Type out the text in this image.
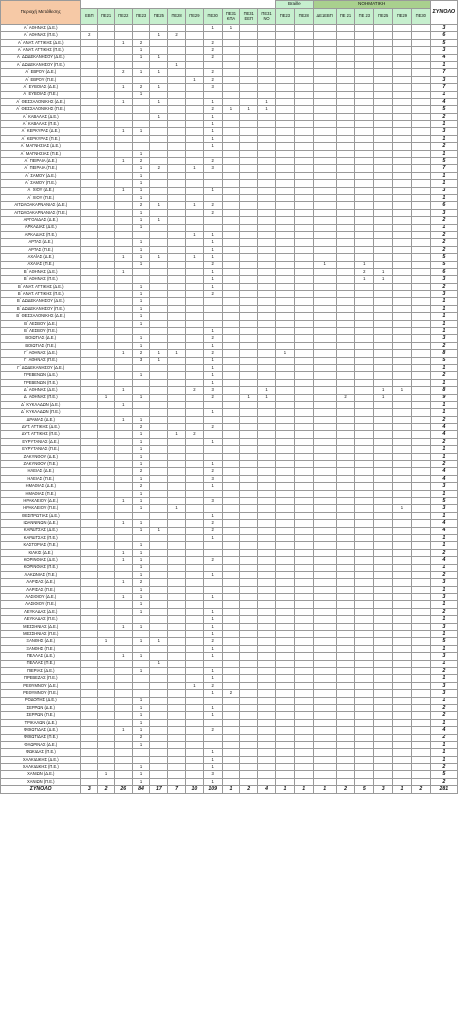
Περιοχή Μετάθεσης												Braille		ΝΟΗΜΑΤΙΚΗ						ΣΥΝΟΛΟ
	ΕΒΠ	ΠΕ21	ΠΕ22	ΠΕ23	ΠΕ25	ΠΕ28	ΠΕ29	ΠΕ30	ΠΕ31 ΚΠΑ	ΠΕ31 ΕΕΠ	ΠΕ31 ΝΟ	ΠΕ23	ΠΕ28	ΔΕ1ΕΒΠ	ΠΕ 21	ΠΕ 23	ΠΕ25	ΠΕ29	ΠΕ30	
Α΄ ΑΘΗΝΑΣ (Δ.Ε.)								1	1											3
Α΄ ΑΘΗΝΑΣ (Π.Ε.)	2				1	2														6
Α΄ ΑΝΑΤ. ΑΤΤΙΚΗΣ (Δ.Ε.)			1	2				2												5
Α΄ ΑΝΑΤ. ΑΤΤΙΚΗΣ (Π.Ε.)				1				2												3
Α΄ ΔΩΔΕΚΑΝΗΣΟΥ (Δ.Ε.)				1	1			2												4
Α΄ ΔΩΔΕΚΑΝΗΣΟΥ (Π.Ε.)						1														1
Α΄ ΕΒΡΟΥ (Δ.Ε.)			2	1	1			2												7
Α΄ ΕΒΡΟΥ (Π.Ε.)							1	2												3
Α΄ ΕΥΒΟΙΑΣ (Δ.Ε.)			1	2	1			3												7
Α΄ ΕΥΒΟΙΑΣ (Π.Ε.)				1																1
Α΄ ΘΕΣΣΑΛΟΝΙΚΗΣ (Δ.Ε.)			1		1			1			1									4
Α΄ ΘΕΣΣΑΛΟΝΙΚΗΣ (Π.Ε.)								2	1	1	1									5
Α΄ ΚΑΒΑΛΑΣ (Δ.Ε.)					1			1												2
Α΄ ΚΑΒΑΛΑΣ (Π.Ε.)								1												1
Α΄ ΚΕΡΚΥΡΑΣ (Δ.Ε.)			1	1				1												3
Α΄ ΚΕΡΚΥΡΑΣ (Π.Ε.)								1												1
Α΄ ΜΑΓΝΗΣΙΑΣ (Δ.Ε.)								1												2
Α΄ ΜΑΓΝΗΣΙΑΣ (Π.Ε.)				1																1
Α΄ ΠΕΙΡΑΙΑ (Δ.Ε.)			1	2				2												5
Α΄ ΠΕΙΡΑΙΑ (Π.Ε.)				1	2		1	3												7
Α΄ ΣΑΜΟΥ (Δ.Ε.)				1																1
Α΄ ΣΑΜΟΥ (Π.Ε.)				1																1
Α΄ ΧΙΟΥ (Δ.Ε.)			1	1				1												3
Α΄ ΧΙΟΥ (Π.Ε.)				1																1
ΑΙΤΩΛΟΑΚΑΡΝΑΝΙΑΣ (Δ.Ε.)				2	1		1	2												6
ΑΙΤΩΛΟΑΚΑΡΝΑΝΙΑΣ (Π.Ε.)				1				2												3
ΑΡΓΟΛΙΔΑΣ (Δ.Ε.)				1	1															2
ΑΡΚΑΔΙΑΣ (Δ.Ε.)				1																1
ΑΡΚΑΔΙΑΣ (Π.Ε.)							1	1												2
ΑΡΤΑΣ (Δ.Ε.)				1				1												2
ΑΡΤΑΣ (Π.Ε.)				1				1												2
ΑΧΑΪΑΣ (Δ.Ε.)			1	1	1		1	1												5
ΑΧΑΪΑΣ (Π.Ε.)				1				2						1		1				5
Β΄ ΑΘΗΝΑΣ (Δ.Ε.)			1					1								2	1			6
Β΄ ΑΘΗΝΑΣ (Π.Ε.)								1								1	1			3
Β΄ ΑΝΑΤ. ΑΤΤΙΚΗΣ (Δ.Ε.)				1				1												2
Β΄ ΑΝΑΤ. ΑΤΤΙΚΗΣ (Π.Ε.)				1				2												3
Β΄ ΔΩΔΕΚΑΝΗΣΟΥ (Δ.Ε.)				1																1
Β΄ ΔΩΔΕΚΑΝΗΣΟΥ (Π.Ε.)				1																1
Β΄ ΘΕΣΣΑΛΟΝΙΚΗΣ (Δ.Ε.)				1																1
Β΄ ΛΕΣΒΟΥ (Δ.Ε.)				1																1
Β΄ ΛΕΣΒΟΥ (Π.Ε.)								1												1
ΒΟΙΩΤΙΑΣ (Δ.Ε.)				1				2												3
ΒΟΙΩΤΙΑΣ (Π.Ε.)				1				1												2
Γ΄ ΑΘΗΝΑΣ (Δ.Ε.)			1	2	1	1		2				1								8
Γ΄ ΑΘΗΝΑΣ (Π.Ε.)				3	1			1												5
Γ΄ ΔΩΔΕΚΑΝΗΣΟΥ (Δ.Ε.)								1												1
ΓΡΕΒΕΝΩΝ (Δ.Ε.)				1				1												2
ΓΡΕΒΕΝΩΝ (Π.Ε.)								1												1
Δ΄ ΑΘΗΝΑΣ (Δ.Ε.)			1				2	3			1						1	1		8
Δ΄ ΑΘΗΝΑΣ (Π.Ε.)		1		1				2		1	1				2		1			9
Δ΄ ΚΥΚΛΑΔΩΝ (Δ.Ε.)			1																	1
Δ΄ ΚΥΚΛΑΔΩΝ (Π.Ε.)								1												1
ΔΡΑΜΑΣ (Δ.Ε.)			1	1																2
ΔΥΤ. ΑΤΤΙΚΗΣ (Δ.Ε.)				2				2												4
ΔΥΤ. ΑΤΤΙΚΗΣ (Π.Ε.)				1		1	2													4
ΕΥΡΥΤΑΝΙΑΣ (Δ.Ε.)				1				1												2
ΕΥΡΥΤΑΝΙΑΣ (Π.Ε.)				1																1
ΖΑΚΥΝΘΟΥ (Δ.Ε.)				1																1
ΖΑΚΥΝΘΟΥ (Π.Ε.)				1				1												2
ΗΛΕΙΑΣ (Δ.Ε.)				2				2												4
ΗΛΕΙΑΣ (Π.Ε.)				1				3												4
ΗΜΑΘΙΑΣ (Δ.Ε.)				2				1												3
ΗΜΑΘΙΑΣ (Π.Ε.)				1																1
ΗΡΑΚΛΕΙΟΥ (Δ.Ε.)			1	1				3												5
ΗΡΑΚΛΕΙΟΥ (Π.Ε.)				1		1												1		3
ΘΕΣΠΡΩΤΙΑΣ (Δ.Ε.)								1												1
ΙΩΑΝΝΙΝΩΝ (Δ.Ε.)			1	1				2												4
ΚΑΡΔΙΤΣΑΣ (Δ.Ε.)				1	1			2												4
ΚΑΡΔΙΤΣΑΣ (Π.Ε.)								1												1
ΚΑΣΤΟΡΙΑΣ (Π.Ε.)				1																1
ΚΙΛΚΙΣ (Δ.Ε.)			1	1																2
ΚΟΡΙΝΘΙΑΣ (Δ.Ε.)			1	1				2												4
ΚΟΡΙΝΘΙΑΣ (Π.Ε.)				1																1
ΛΑΚΩΝΙΑΣ (Π.Ε.)				1				1												2
ΛΑΡΙΣΑΣ (Δ.Ε.)			1	2																3
ΛΑΡΙΣΑΣ (Π.Ε.)				1																1
ΛΑΣΙΘΙΟΥ (Δ.Ε.)			1	1				1												3
ΛΑΣΙΘΙΟΥ (Π.Ε.)				1																1
ΛΕΥΚΑΔΑΣ (Δ.Ε.)				1				1												2
ΛΕΥΚΑΔΑΣ (Π.Ε.)								1												1
ΜΕΣΣΗΝΙΑΣ (Δ.Ε.)			1	1				1												3
ΜΕΣΣΗΝΙΑΣ (Π.Ε.)								1												1
ΞΑΝΘΗΣ (Δ.Ε.)		1		1	1			2												5
ΞΑΝΘΗΣ (Π.Ε.)								1												1
ΠΕΛΛΑΣ (Δ.Ε.)			1	1				1												3
ΠΕΛΛΑΣ (Π.Ε.)					1															1
ΠΙΕΡΙΑΣ (Δ.Ε.)				1				1												2
ΠΡΕΒΕΖΑΣ (Π.Ε.)								1												1
ΡΕΘΥΜΝΟΥ (Δ.Ε.)							1	2												3
ΡΕΘΥΜΝΟΥ (Π.Ε.)								1	2											3
ΡΟΔΟΠΗΣ (Δ.Ε.)				1																1
ΣΕΡΡΩΝ (Δ.Ε.)				1				1												2
ΣΕΡΡΩΝ (Π.Ε.)				1				1												2
ΤΡΙΚΑΛΩΝ (Δ.Ε.)				1																1
ΦΘΙΩΤΙΔΑΣ (Δ.Ε.)			1	1				2												4
ΦΘΙΩΤΙΔΑΣ (Π.Ε.)				2																2
ΦΛΩΡΙΝΑΣ (Δ.Ε.)				1																1
ΦΩΚΙΔΑΣ (Π.Ε.)								1												1
ΧΑΛΚΙΔΙΚΗΣ (Δ.Ε.)								1												1
ΧΑΛΚΙΔΙΚΗΣ (Π.Ε.)				1				1												2
ΧΑΝΙΩΝ (Δ.Ε.)		1		1				3												5
ΧΑΝΙΩΝ (Π.Ε.)				1				1												2
ΣΥΝΟΛΟ	3	2	26	84	17	7	10	109	1	2	4	1	1	1	2	5	3	1	2	281
